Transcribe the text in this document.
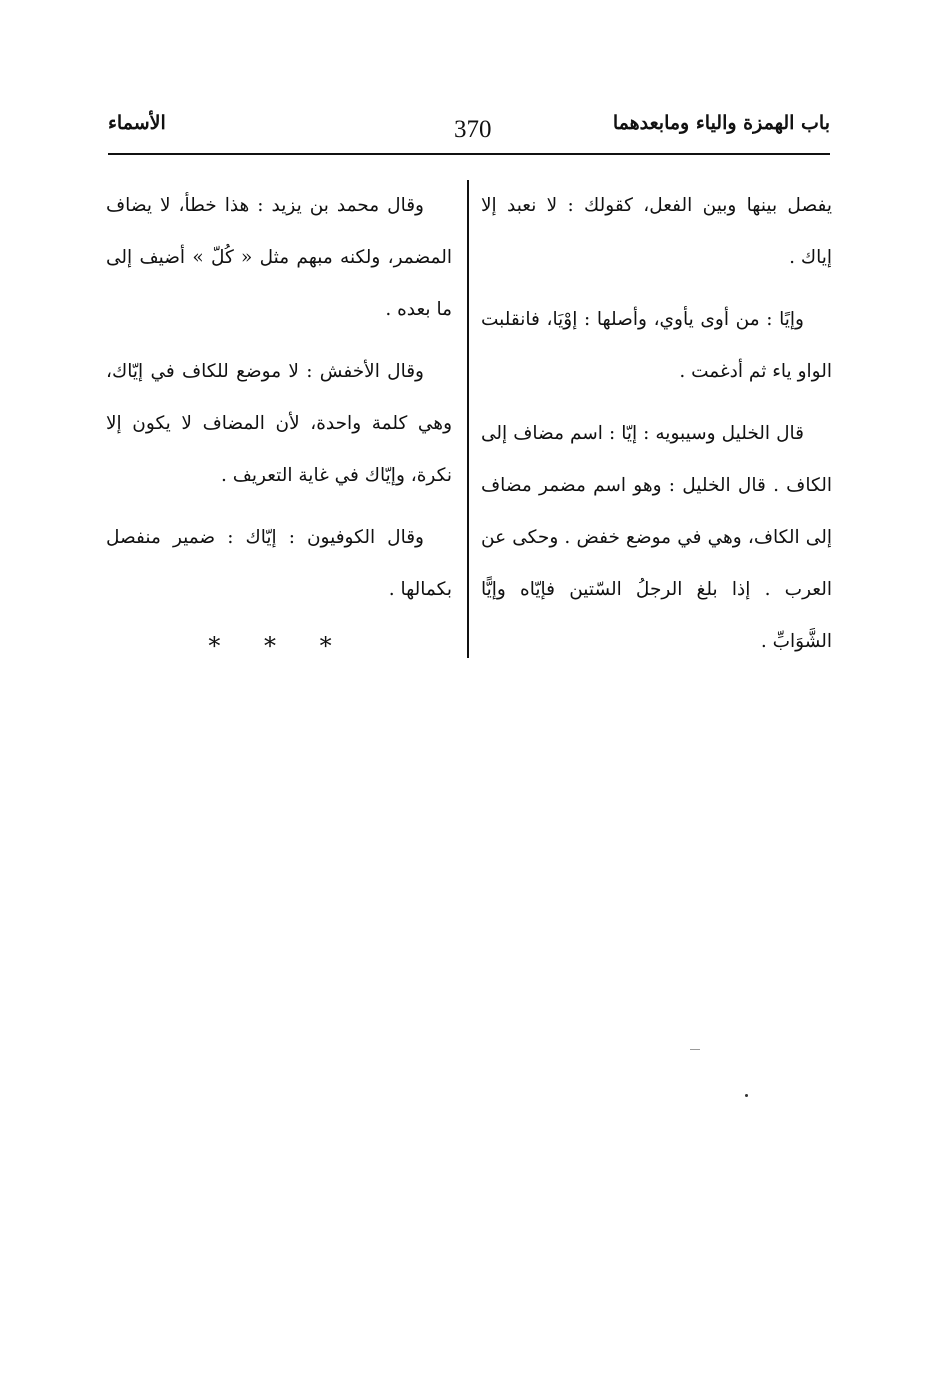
باب الهمزة والياء ومابعدهما
370
الأسماء

يفصل بينها وبين الفعل، كقولك : لا نعبد إلا إياك .

وإيًا : من أوى يأوي، وأصلها : إوْيَا، فانقلبت الواو ياء ثم أدغمت .

قال الخليل وسيبويه : إيّا : اسم مضاف إلى الكاف . قال الخليل : وهو اسم مضمر مضاف إلى الكاف، وهي في موضع خفض . وحكى عن العرب . إذا بلغ الرجلُ السّتين فإيّاه وإيًّا الشَّوَابِّ .

وقال محمد بن يزيد : هذا خطأ، لا يضاف المضمر، ولكنه مبهم مثل « كُلّ » أضيف إلى ما بعده .

وقال الأخفش : لا موضع للكاف في إيّاك، وهي كلمة واحدة، لأن المضاف لا يكون إلا نكرة، وإيّاك في غاية التعريف .

وقال الكوفيون : إيّاك : ضمير منفصل بكمالها .

* * *
